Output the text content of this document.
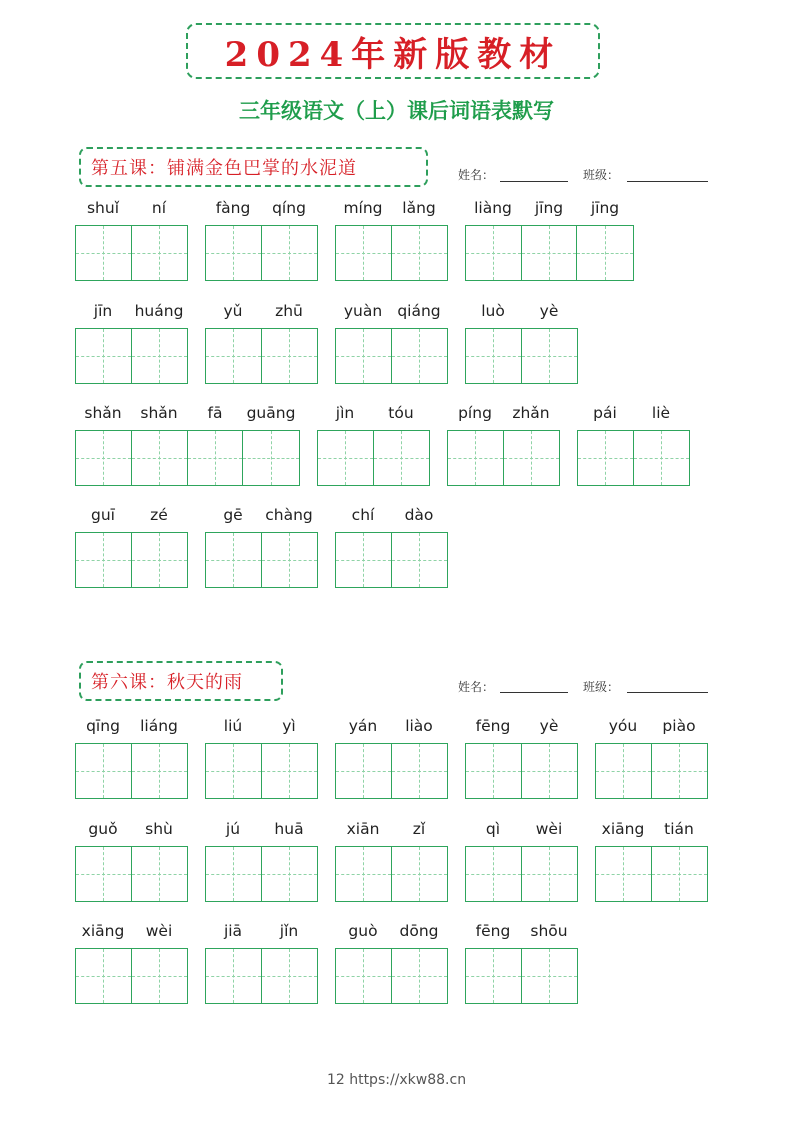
2024年新版教材
三年级语文（上）课后词语表默写
第五课：铺满金色巴掌的水泥道	姓名：	班级：
第六课：秋天的雨	姓名：	班级：
shuǐ	ní	fàng	qíng	míng	lǎng	liàng	jīng	jīng
jīn	huáng	yǔ	zhū	yuàn qiáng	luò	yè
shǎn	shǎn	fā	guāng	jìn	tóu	píng	zhǎn	pái	liè
guī	zé	gē	chàng	chí	dào
qīng	liáng	liú	yì	yán	liào	fēng	yè	yóu	piào
guǒ	shù	jú	huā	xiān	zǐ	qì	wèi	xiāng	tián
xiāng	wèi	jiā	jǐn	guò	dōng	fēng	shōu
12 https://xkw88.cn
